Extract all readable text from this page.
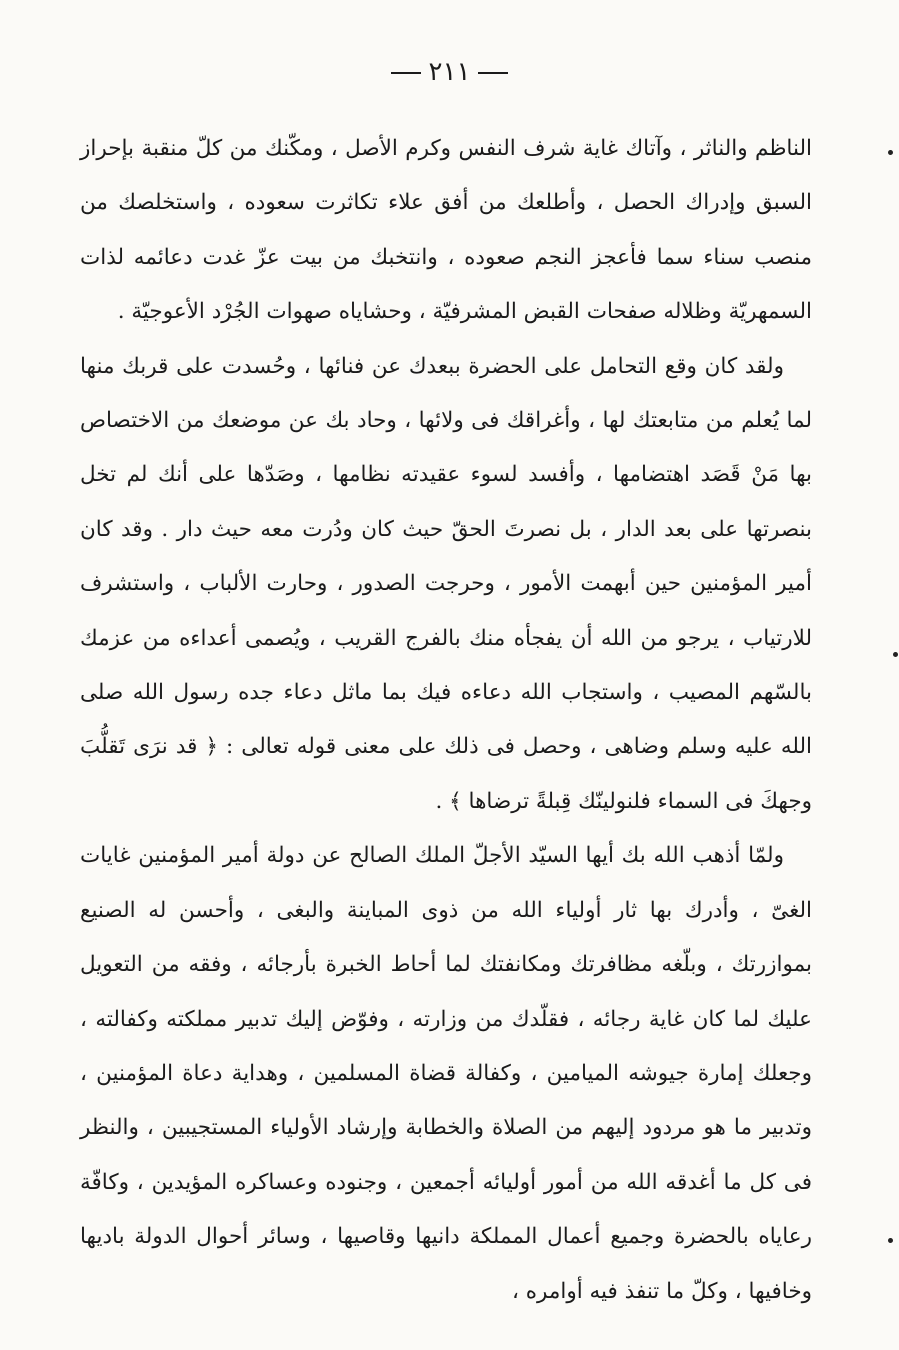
٢١١

الناظم والناثر ، وآتاك غاية شرف النفس وكرم الأصل ، ومكّنك من كلّ منقبة بإحراز السبق وإدراك الحصل ، وأطلعك من أفق علاء تكاثرت سعوده ، واستخلصك من منصب سناء سما فأعجز النجم صعوده ، وانتخبك من بيت عزّ غدت دعائمه لذات السمهريّة وظلاله صفحات القبض المشرفيّة ، وحشاياه صهوات الجُرْد الأعوجيّة .

ولقد كان وقع التحامل على الحضرة ببعدك عن فنائها ، وحُسدت على قربك منها لما يُعلم من متابعتك لها ، وأغراقك فى ولائها ، وحاد بك عن موضعك من الاختصاص بها مَنْ قَصَد اهتضامها ، وأفسد لسوء عقيدته نظامها ، وصَدّها على أنك لم تخل بنصرتها على بعد الدار ، بل نصرتَ الحقّ حيث كان ودُرت معه حيث دار . وقد كان أمير المؤمنين حين أبهمت الأمور ، وحرجت الصدور ، وحارت الألباب ، واستشرف للارتياب ، يرجو من الله أن يفجأه منك بالفرج القريب ، ويُصمى أعداءه من عزمك بالسّهم المصيب ، واستجاب الله دعاءه فيك بما ماثل دعاء جده رسول الله صلى الله عليه وسلم وضاهى ، وحصل فى ذلك على معنى قوله تعالى : ﴿ قد نرَى تَقلُّبَ وجهكَ فى السماء فلنولينّك قِبلةً ترضاها ﴾ .

ولمّا أذهب الله بك أيها السيّد الأجلّ الملك الصالح عن دولة أمير المؤمنين غايات الغىّ ، وأدرك بها ثار أولياء الله من ذوى المباينة والبغى ، وأحسن له الصنيع بموازرتك ، وبلّغه مظافرتك ومكانفتك لما أحاط الخبرة بأرجائه ، وفقه من التعويل عليك لما كان غاية رجائه ، فقلّدك من وزارته ، وفوّض إليك تدبير مملكته وكفالته ، وجعلك إمارة جيوشه الميامين ، وكفالة قضاة المسلمين ، وهداية دعاة المؤمنين ، وتدبير ما هو مردود إليهم من الصلاة والخطابة وإرشاد الأولياء المستجيبين ، والنظر فى كل ما أغدقه الله من أمور أوليائه أجمعين ، وجنوده وعساكره المؤيدين ، وكافّة رعاياه بالحضرة وجميع أعمال المملكة دانيها وقاصيها ، وسائر أحوال الدولة باديها وخافيها ، وكلّ ما تنفذ فيه أوامره ،
